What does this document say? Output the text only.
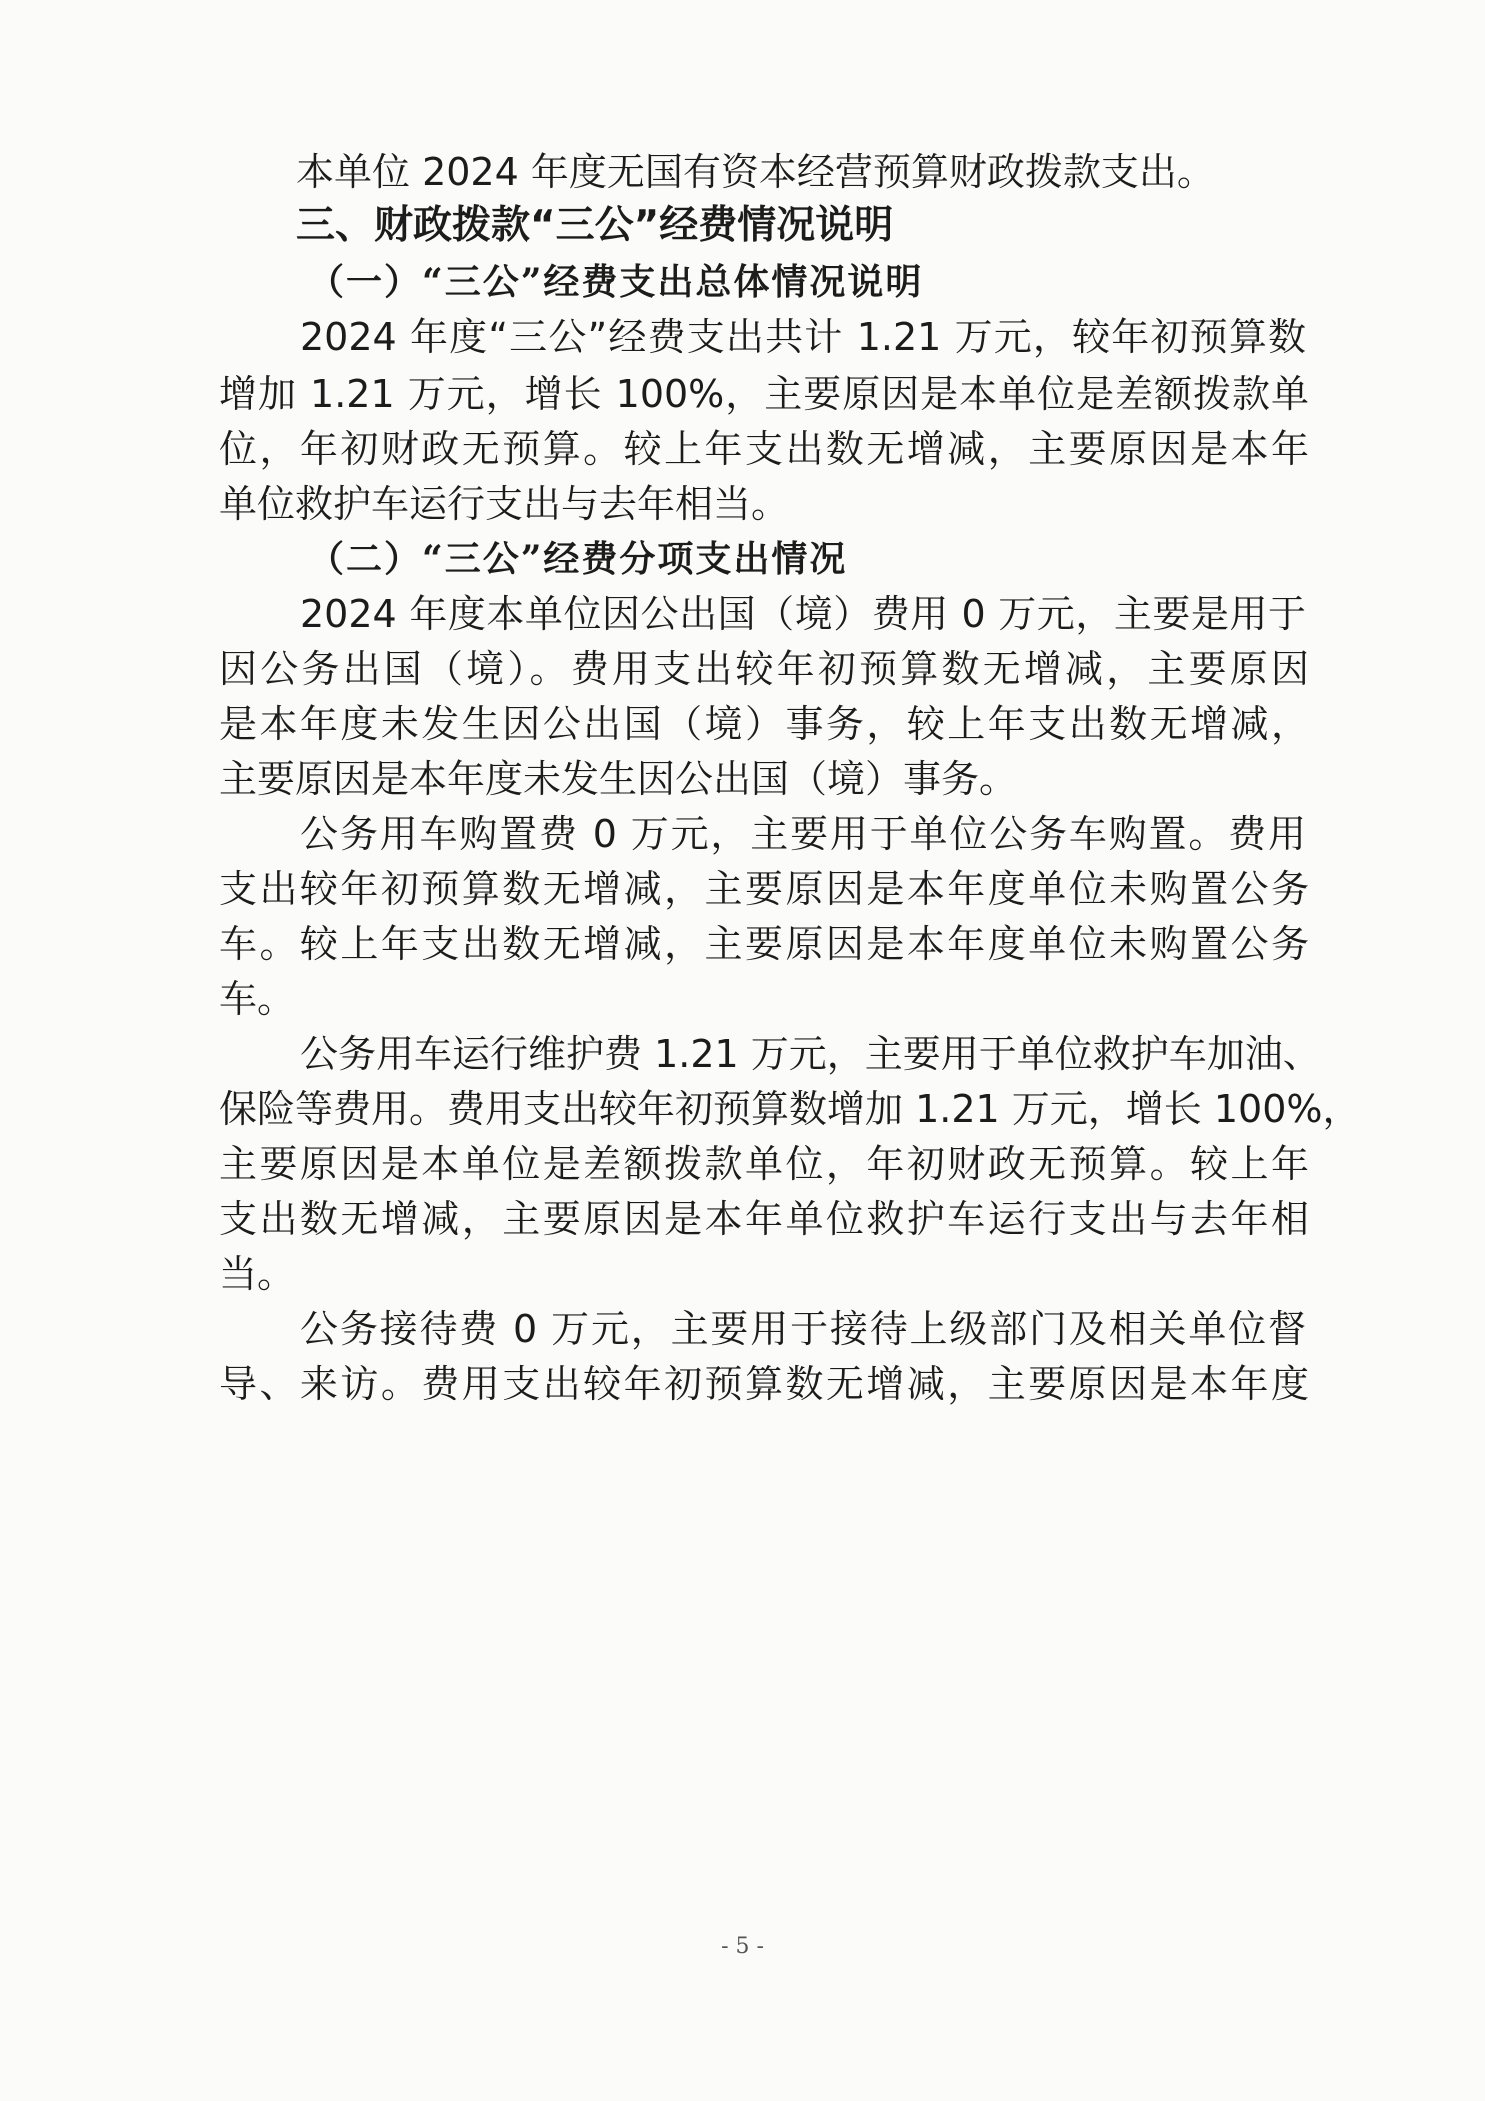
本单位 2024 年度无国有资本经营预算财政拨款支出。
三、财政拨款“三公”经费情况说明
（一）“三公”经费支出总体情况说明
2024 年度“三公”经费支出共计 1.21 万元，较年初预算数
增加 1.21 万元，增长 100%，主要原因是本单位是差额拨款单
位，年初财政无预算。较上年支出数无增减，主要原因是本年
单位救护车运行支出与去年相当。
（二）“三公”经费分项支出情况
2024 年度本单位因公出国（境）费用 0 万元，主要是用于
因公务出国（境）。费用支出较年初预算数无增减，主要原因
是本年度未发生因公出国（境）事务，较上年支出数无增减，
主要原因是本年度未发生因公出国（境）事务。
公务用车购置费 0 万元，主要用于单位公务车购置。费用
支出较年初预算数无增减，主要原因是本年度单位未购置公务
车。较上年支出数无增减，主要原因是本年度单位未购置公务
车。
公务用车运行维护费 1.21 万元，主要用于单位救护车加油、
保险等费用。费用支出较年初预算数增加 1.21 万元，增长 100%，
主要原因是本单位是差额拨款单位，年初财政无预算。较上年
支出数无增减，主要原因是本年单位救护车运行支出与去年相
当。
公务接待费 0 万元，主要用于接待上级部门及相关单位督
导、来访。费用支出较年初预算数无增减，主要原因是本年度
- 5 -
